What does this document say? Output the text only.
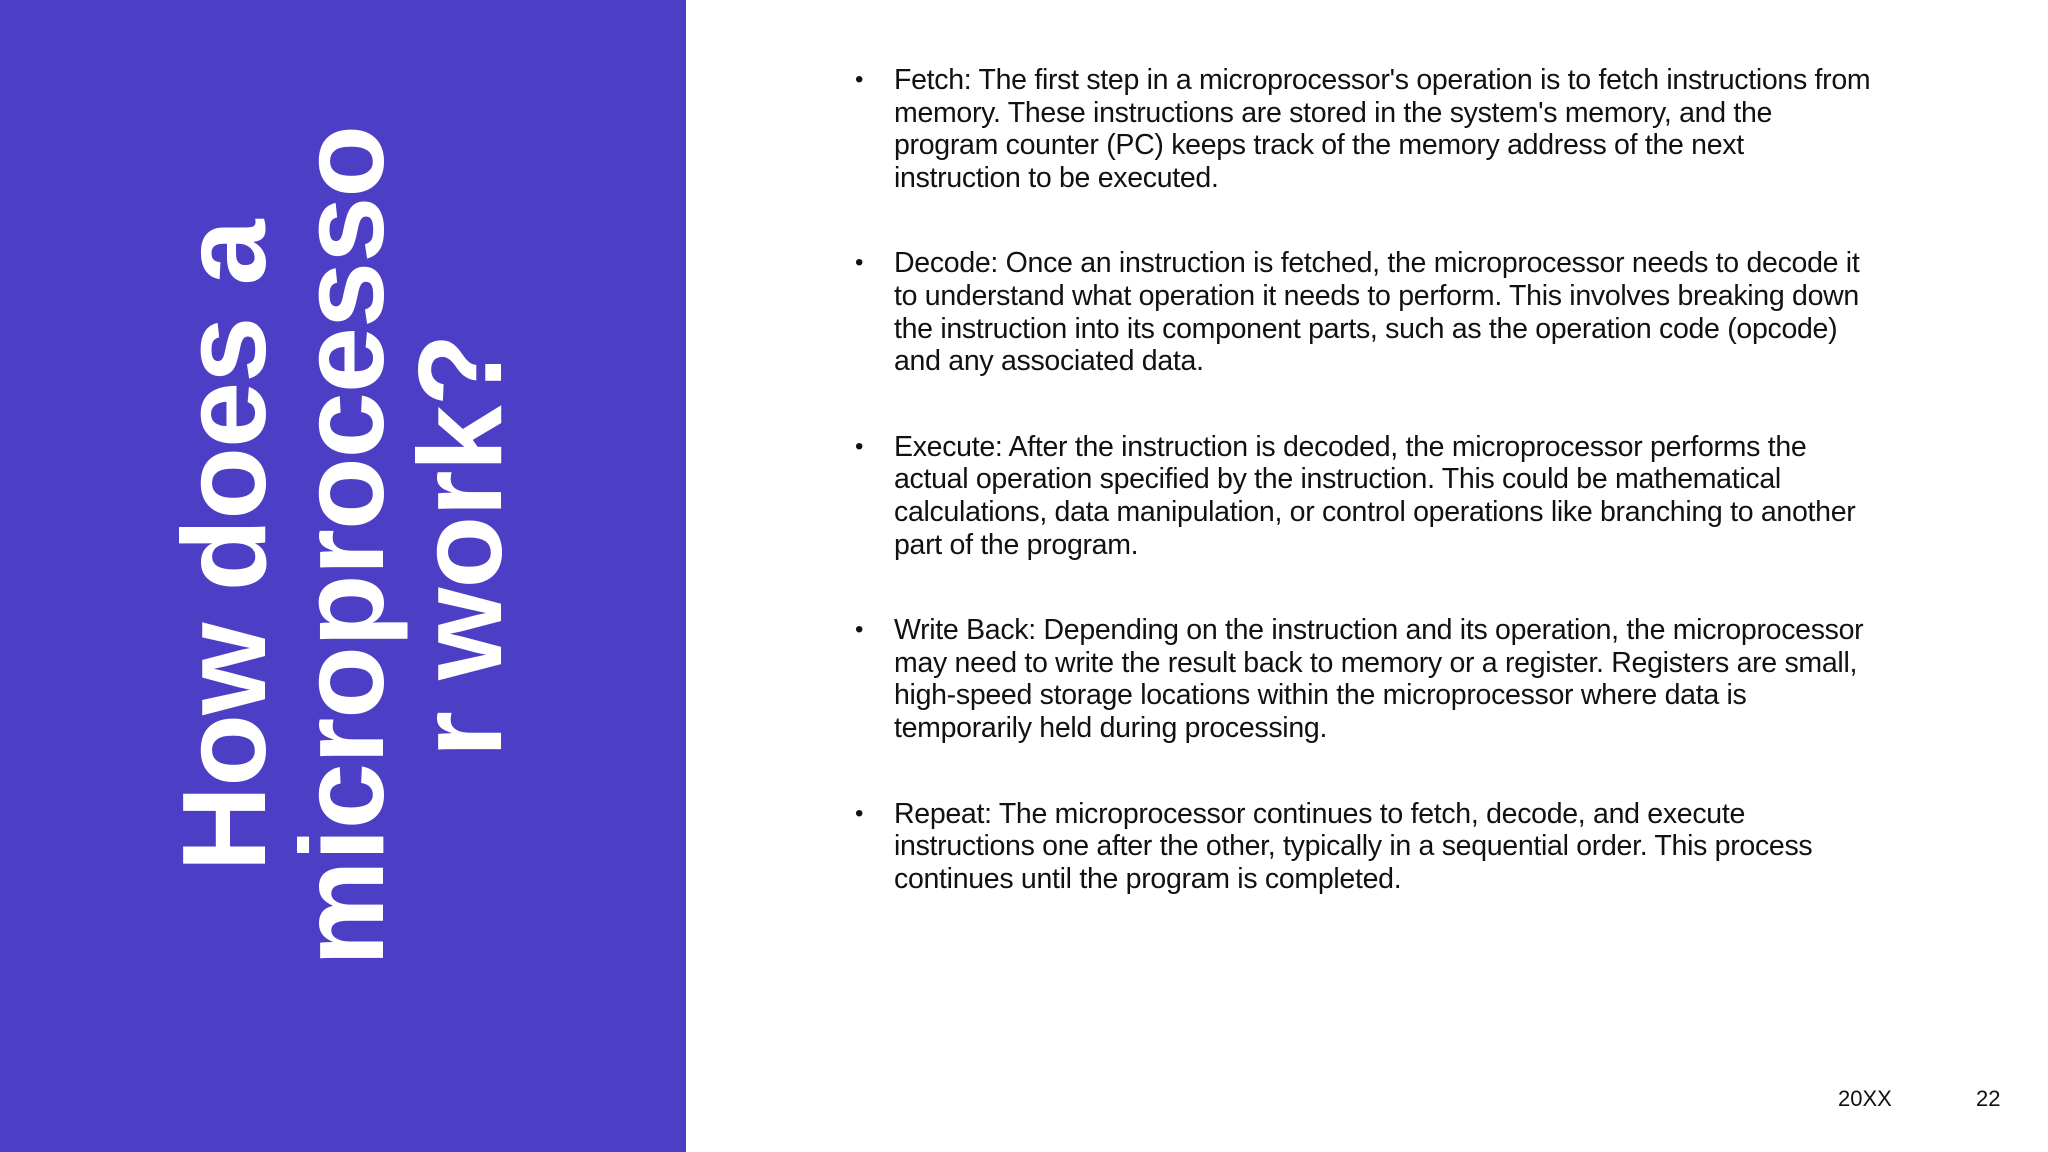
How does a
microprocesso
r work?
• Fetch: The first step in a microprocessor's operation is to fetch instructions from memory. These instructions are stored in the system's memory, and the program counter (PC) keeps track of the memory address of the next instruction to be executed.
• Decode: Once an instruction is fetched, the microprocessor needs to decode it to understand what operation it needs to perform. This involves breaking down the instruction into its component parts, such as the operation code (opcode) and any associated data.
• Execute: After the instruction is decoded, the microprocessor performs the actual operation specified by the instruction. This could be mathematical calculations, data manipulation, or control operations like branching to another part of the program.
• Write Back: Depending on the instruction and its operation, the microprocessor may need to write the result back to memory or a register. Registers are small, high-speed storage locations within the microprocessor where data is temporarily held during processing.
• Repeat: The microprocessor continues to fetch, decode, and execute instructions one after the other, typically in a sequential order. This process continues until the program is completed.
20XX	22
